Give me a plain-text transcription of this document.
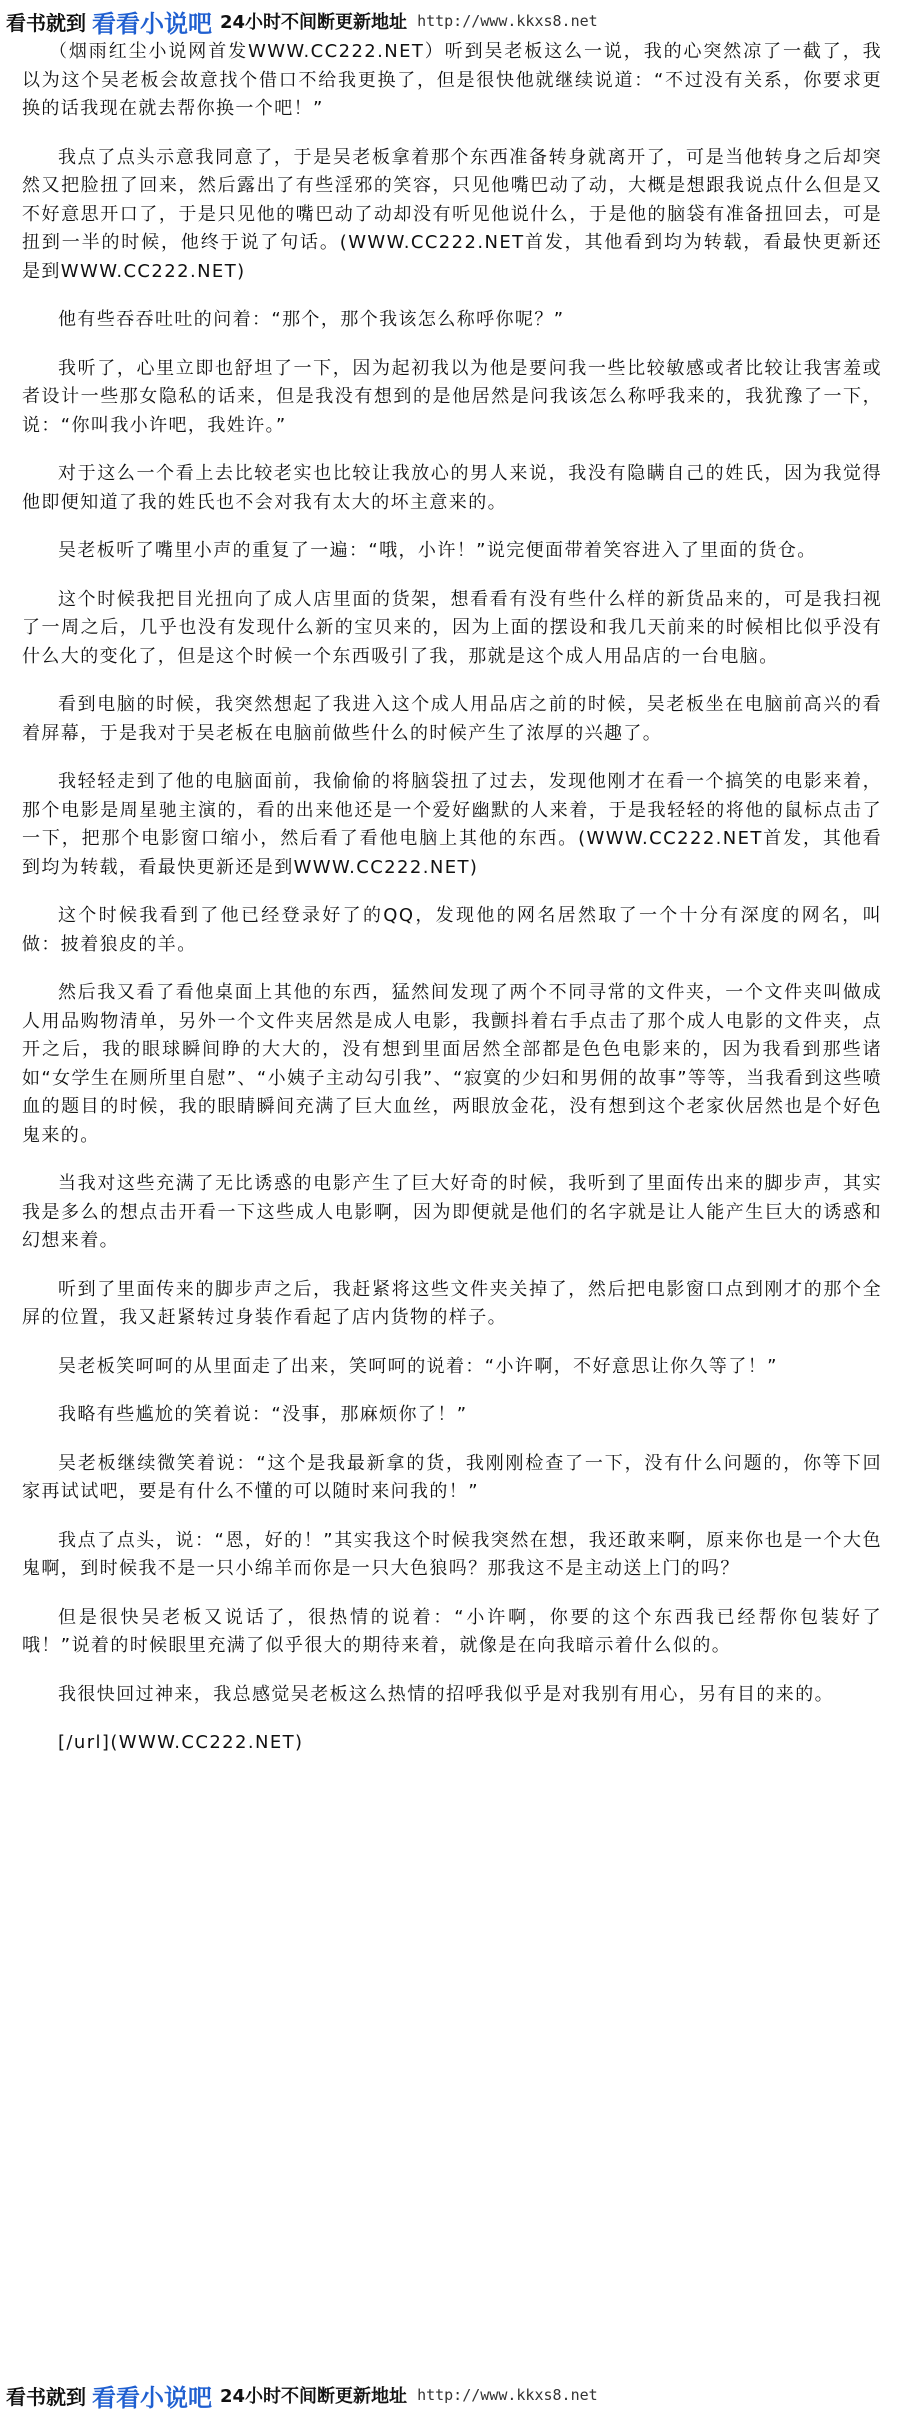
看书就到 看看小说吧 24小时不间断更新地址 http://www.kkxs8.net

（烟雨红尘小说网首发WWW.CC222.NET）听到吴老板这么一说，我的心突然凉了一截了，我以为这个吴老板会故意找个借口不给我更换了，但是很快他就继续说道：“不过没有关系，你要求更换的话我现在就去帮你换一个吧！”

我点了点头示意我同意了，于是吴老板拿着那个东西准备转身就离开了，可是当他转身之后却突然又把脸扭了回来，然后露出了有些淫邪的笑容，只见他嘴巴动了动，大概是想跟我说点什么但是又不好意思开口了，于是只见他的嘴巴动了动却没有听见他说什么，于是他的脑袋有准备扭回去，可是扭到一半的时候，他终于说了句话。(WWW.CC222.NET首发，其他看到均为转载，看最快更新还是到WWW.CC222.NET)

他有些吞吞吐吐的问着：“那个，那个我该怎么称呼你呢？”

我听了，心里立即也舒坦了一下，因为起初我以为他是要问我一些比较敏感或者比较让我害羞或者设计一些那女隐私的话来，但是我没有想到的是他居然是问我该怎么称呼我来的，我犹豫了一下，说：“你叫我小许吧，我姓许。”

对于这么一个看上去比较老实也比较让我放心的男人来说，我没有隐瞒自己的姓氏，因为我觉得他即便知道了我的姓氏也不会对我有太大的坏主意来的。

吴老板听了嘴里小声的重复了一遍：“哦，小许！”说完便面带着笑容进入了里面的货仓。

这个时候我把目光扭向了成人店里面的货架，想看看有没有些什么样的新货品来的，可是我扫视了一周之后，几乎也没有发现什么新的宝贝来的，因为上面的摆设和我几天前来的时候相比似乎没有什么大的变化了，但是这个时候一个东西吸引了我，那就是这个成人用品店的一台电脑。

看到电脑的时候，我突然想起了我进入这个成人用品店之前的时候，吴老板坐在电脑前高兴的看着屏幕，于是我对于吴老板在电脑前做些什么的时候产生了浓厚的兴趣了。

我轻轻走到了他的电脑面前，我偷偷的将脑袋扭了过去，发现他刚才在看一个搞笑的电影来着，那个电影是周星驰主演的，看的出来他还是一个爱好幽默的人来着，于是我轻轻的将他的鼠标点击了一下，把那个电影窗口缩小，然后看了看他电脑上其他的东西。(WWW.CC222.NET首发，其他看到均为转载，看最快更新还是到WWW.CC222.NET)

这个时候我看到了他已经登录好了的QQ，发现他的网名居然取了一个十分有深度的网名，叫做：披着狼皮的羊。

然后我又看了看他桌面上其他的东西，猛然间发现了两个不同寻常的文件夹，一个文件夹叫做成人用品购物清单，另外一个文件夹居然是成人电影，我颤抖着右手点击了那个成人电影的文件夹，点开之后，我的眼球瞬间睁的大大的，没有想到里面居然全部都是色色电影来的，因为我看到那些诸如“女学生在厕所里自慰”、“小姨子主动勾引我”、“寂寞的少妇和男佣的故事”等等，当我看到这些喷血的题目的时候，我的眼睛瞬间充满了巨大血丝，两眼放金花，没有想到这个老家伙居然也是个好色鬼来的。

当我对这些充满了无比诱惑的电影产生了巨大好奇的时候，我听到了里面传出来的脚步声，其实我是多么的想点击开看一下这些成人电影啊，因为即便就是他们的名字就是让人能产生巨大的诱惑和幻想来着。

听到了里面传来的脚步声之后，我赶紧将这些文件夹关掉了，然后把电影窗口点到刚才的那个全屏的位置，我又赶紧转过身装作看起了店内货物的样子。

吴老板笑呵呵的从里面走了出来，笑呵呵的说着：“小许啊，不好意思让你久等了！”

我略有些尴尬的笑着说：“没事，那麻烦你了！”

吴老板继续微笑着说：“这个是我最新拿的货，我刚刚检查了一下，没有什么问题的，你等下回家再试试吧，要是有什么不懂的可以随时来问我的！”

我点了点头，说：“恩，好的！”其实我这个时候我突然在想，我还敢来啊，原来你也是一个大色鬼啊，到时候我不是一只小绵羊而你是一只大色狼吗？那我这不是主动送上门的吗？

但是很快吴老板又说话了，很热情的说着：“小许啊，你要的这个东西我已经帮你包装好了哦！”说着的时候眼里充满了似乎很大的期待来着，就像是在向我暗示着什么似的。

我很快回过神来，我总感觉吴老板这么热情的招呼我似乎是对我别有用心，另有目的来的。

[/url](WWW.CC222.NET)

看书就到 看看小说吧 24小时不间断更新地址 http://www.kkxs8.net
